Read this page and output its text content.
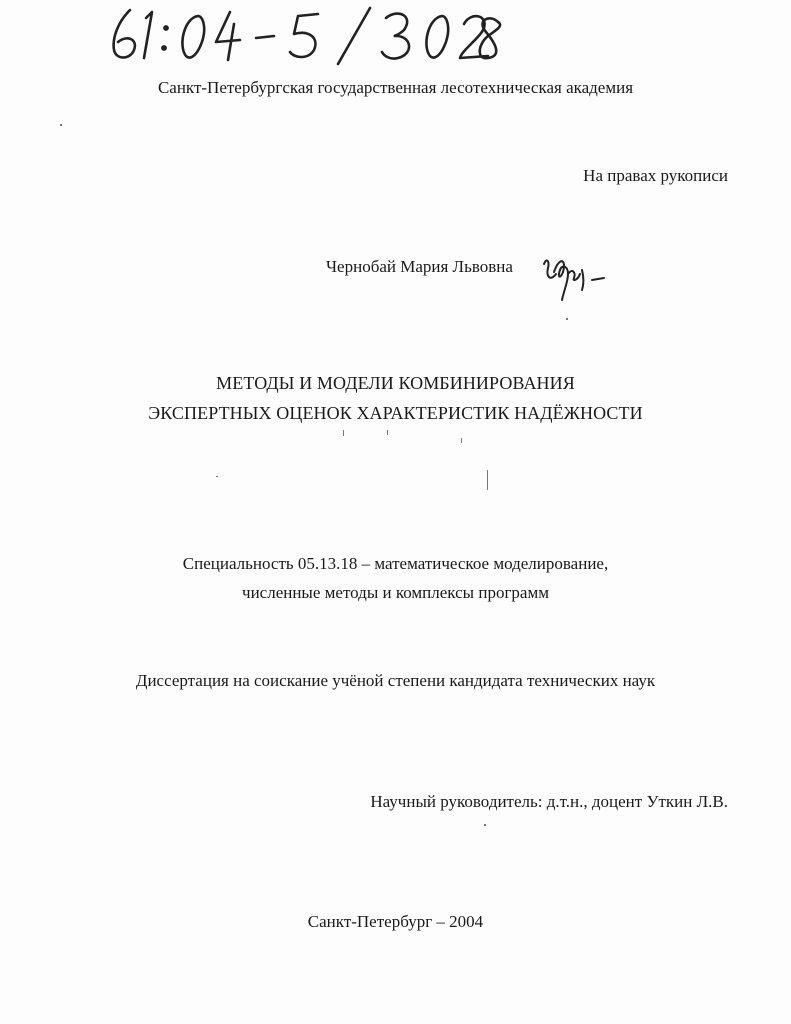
Санкт-Петербургская государственная лесотехническая академия
На правах рукописи
Чернобай Мария Львовна
МЕТОДЫ И МОДЕЛИ КОМБИНИРОВАНИЯ
ЭКСПЕРТНЫХ ОЦЕНОК ХАРАКТЕРИСТИК НАДЁЖНОСТИ
Специальность 05.13.18 – математическое моделирование,
численные методы и комплексы программ
Диссертация на соискание учёной степени кандидата технических наук
Научный руководитель: д.т.н., доцент Уткин Л.В.
Санкт-Петербург – 2004
